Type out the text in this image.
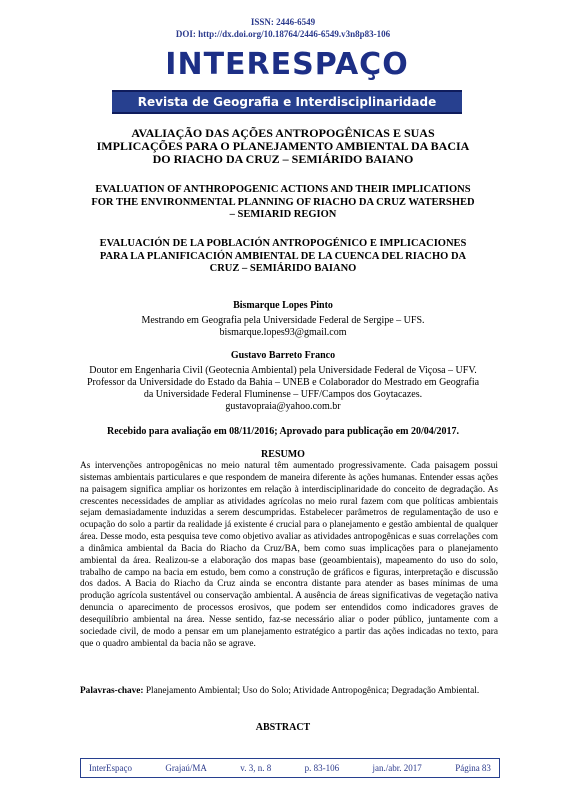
ISSN: 2446-6549
DOI: http://dx.doi.org/10.18764/2446-6549.v3n8p83-106
INTERESPAÇO
Revista de Geografia e Interdisciplinaridade
AVALIAÇÃO DAS AÇÕES ANTROPOGÊNICAS E SUAS IMPLICAÇÕES PARA O PLANEJAMENTO AMBIENTAL DA BACIA DO RIACHO DA CRUZ – SEMIÁRIDO BAIANO
EVALUATION OF ANTHROPOGENIC ACTIONS AND THEIR IMPLICATIONS FOR THE ENVIRONMENTAL PLANNING OF RIACHO DA CRUZ WATERSHED – SEMIARID REGION
EVALUACIÓN DE LA POBLACIÓN ANTROPOGÉNICO E IMPLICACIONES PARA LA PLANIFICACIÓN AMBIENTAL DE LA CUENCA DEL RIACHO DA CRUZ – SEMIÁRIDO BAIANO
Bismarque Lopes Pinto
Mestrando em Geografia pela Universidade Federal de Sergipe – UFS.
bismarque.lopes93@gmail.com
Gustavo Barreto Franco
Doutor em Engenharia Civil (Geotecnia Ambiental) pela Universidade Federal de Viçosa – UFV.
Professor da Universidade do Estado da Bahia – UNEB e Colaborador do Mestrado em Geografia
da Universidade Federal Fluminense – UFF/Campos dos Goytacazes.
gustavopraia@yahoo.com.br
Recebido para avaliação em 08/11/2016; Aprovado para publicação em 20/04/2017.
RESUMO
As intervenções antropogênicas no meio natural têm aumentado progressivamente. Cada paisagem possui sistemas ambientais particulares e que respondem de maneira diferente às ações humanas. Entender essas ações na paisagem significa ampliar os horizontes em relação à interdisciplinaridade do conceito de degradação. As crescentes necessidades de ampliar as atividades agrícolas no meio rural fazem com que políticas ambientais sejam demasiadamente induzidas a serem descumpridas. Estabelecer parâmetros de regulamentação de uso e ocupação do solo a partir da realidade já existente é crucial para o planejamento e gestão ambiental de qualquer área. Desse modo, esta pesquisa teve como objetivo avaliar as atividades antropogênicas e suas correlações com a dinâmica ambiental da Bacia do Riacho da Cruz/BA, bem como suas implicações para o planejamento ambiental da área. Realizou-se a elaboração dos mapas base (geoambientais), mapeamento do uso do solo, trabalho de campo na bacia em estudo, bem como a construção de gráficos e figuras, interpretação e discussão dos dados. A Bacia do Riacho da Cruz ainda se encontra distante para atender as bases mínimas de uma produção agrícola sustentável ou conservação ambiental. A ausência de áreas significativas de vegetação nativa denuncia o aparecimento de processos erosivos, que podem ser entendidos como indicadores graves de desequilíbrio ambiental na área. Nesse sentido, faz-se necessário aliar o poder público, juntamente com a sociedade civil, de modo a pensar em um planejamento estratégico a partir das ações indicadas no texto, para que o quadro ambiental da bacia não se agrave.
Palavras-chave: Planejamento Ambiental; Uso do Solo; Atividade Antropogênica; Degradação Ambiental.
ABSTRACT
InterEspaço	Grajaú/MA	v. 3, n. 8	p. 83-106	jan./abr. 2017	Página 83
